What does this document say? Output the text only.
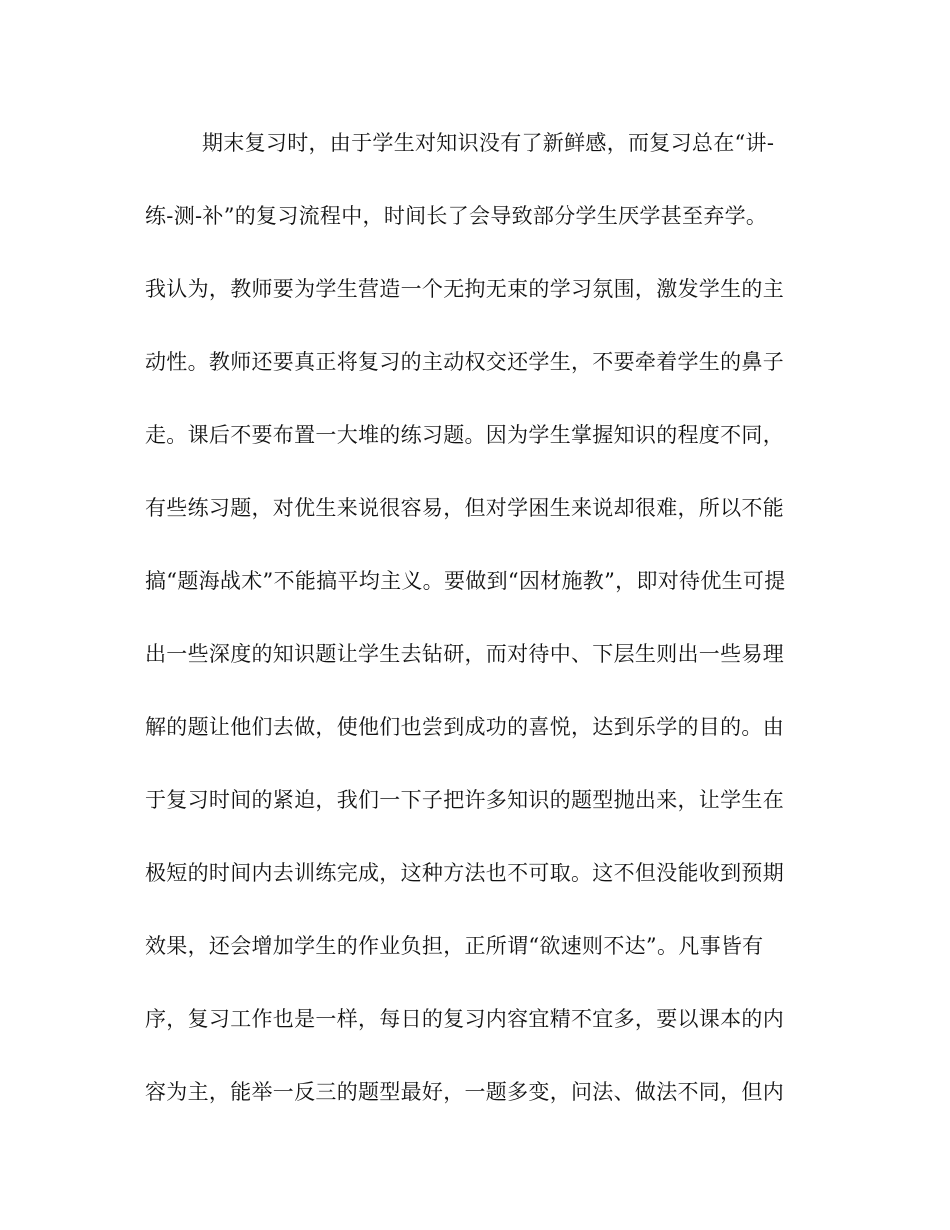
期末复习时，由于学生对知识没有了新鲜感，而复习总在“讲-
练-测-补”的复习流程中，时间长了会导致部分学生厌学甚至弃学。
我认为，教师要为学生营造一个无拘无束的学习氛围，激发学生的主
动性。教师还要真正将复习的主动权交还学生，不要牵着学生的鼻子
走。课后不要布置一大堆的练习题。因为学生掌握知识的程度不同，
有些练习题，对优生来说很容易，但对学困生来说却很难，所以不能
搞“题海战术”不能搞平均主义。要做到“因材施教”，即对待优生可提
出一些深度的知识题让学生去钻研，而对待中、下层生则出一些易理
解的题让他们去做，使他们也尝到成功的喜悦，达到乐学的目的。由
于复习时间的紧迫，我们一下子把许多知识的题型抛出来，让学生在
极短的时间内去训练完成，这种方法也不可取。这不但没能收到预期
效果，还会增加学生的作业负担，正所谓“欲速则不达”。凡事皆有
序，复习工作也是一样，每日的复习内容宜精不宜多，要以课本的内
容为主，能举一反三的题型最好，一题多变，问法、做法不同，但内
